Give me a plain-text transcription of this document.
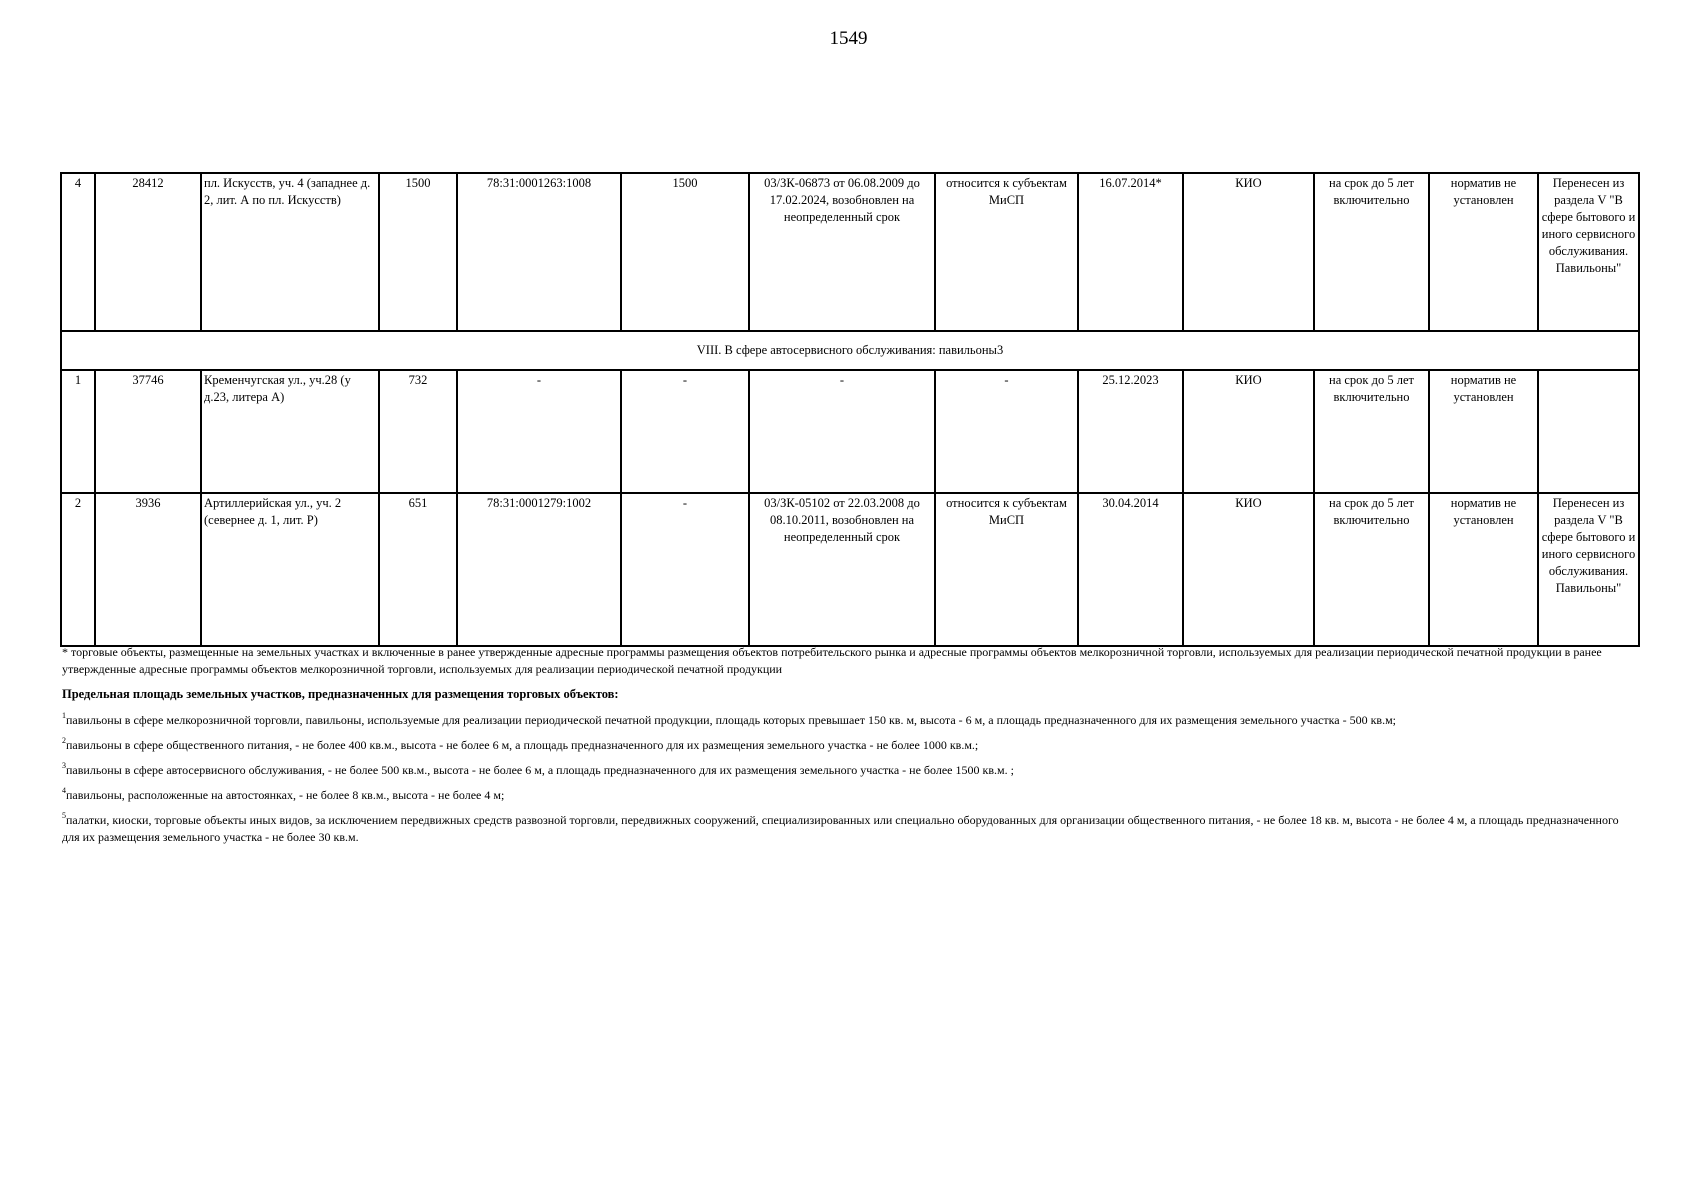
1549
4	28412	пл. Искусств, уч. 4 (западнее д. 2, лит. А по пл. Искусств)	1500	78:31:0001263:1008	1500	03/ЗК-06873 от 06.08.2009 до 17.02.2024, возобновлен на неопределенный срок	относится к субъектам МиСП	16.07.2014*	КИО	на срок до 5 лет включительно	норматив не установлен	Перенесен из раздела V "В сфере бытового и иного сервисного обслуживания. Павильоны"
VIII. В сфере автосервисного обслуживания: павильоны3												
1	37746	Кременчугская ул., уч.28 (у д.23, литера А)	732	-	-	-	-	25.12.2023	КИО	на срок до 5 лет включительно	норматив не установлен	
2	3936	Артиллерийская ул., уч. 2 (севернее д. 1, лит. Р)	651	78:31:0001279:1002	-	03/ЗК-05102 от 22.03.2008 до 08.10.2011, возобновлен на неопределенный срок	относится к субъектам МиСП	30.04.2014	КИО	на срок до 5 лет включительно	норматив не установлен	Перенесен из раздела V "В сфере бытового и иного сервисного обслуживания. Павильоны"

* торговые объекты, размещенные на земельных участках и включенные в ранее утвержденные адресные программы размещения объектов потребительского рынка и адресные программы объектов мелкорозничной торговли, используемых для реализации периодической печатной продукции в ранее утвержденные адресные программы объектов мелкорозничной торговли, используемых для реализации периодической печатной продукции

Предельная площадь земельных участков, предназначенных для размещения торговых объектов:

$^1$павильоны в сфере мелкорозничной торговли, павильоны, используемые для реализации периодической печатной продукции, площадь которых превышает 150 кв. м, высота - 6 м, а площадь предназначенного для их размещения земельного участка - 500 кв.м;

$^2$павильоны в сфере общественного питания, - не более 400 кв.м., высота - не более 6 м, а площадь предназначенного для их размещения земельного участка - не более 1000 кв.м.;

$^3$павильоны в сфере автосервисного обслуживания, - не более 500 кв.м., высота - не более 6 м, а площадь предназначенного для их размещения земельного участка - не более 1500 кв.м. ;

$^4$павильоны, расположенные на автостоянках, - не более 8 кв.м., высота - не более 4 м;

$^5$палатки, киоски, торговые объекты иных видов, за исключением передвижных средств развозной торговли, передвижных сооружений, специализированных или специально оборудованных для организации общественного питания, - не более 18 кв. м, высота - не более 4 м, а площадь предназначенного для их размещения земельного участка - не более 30 кв.м.
